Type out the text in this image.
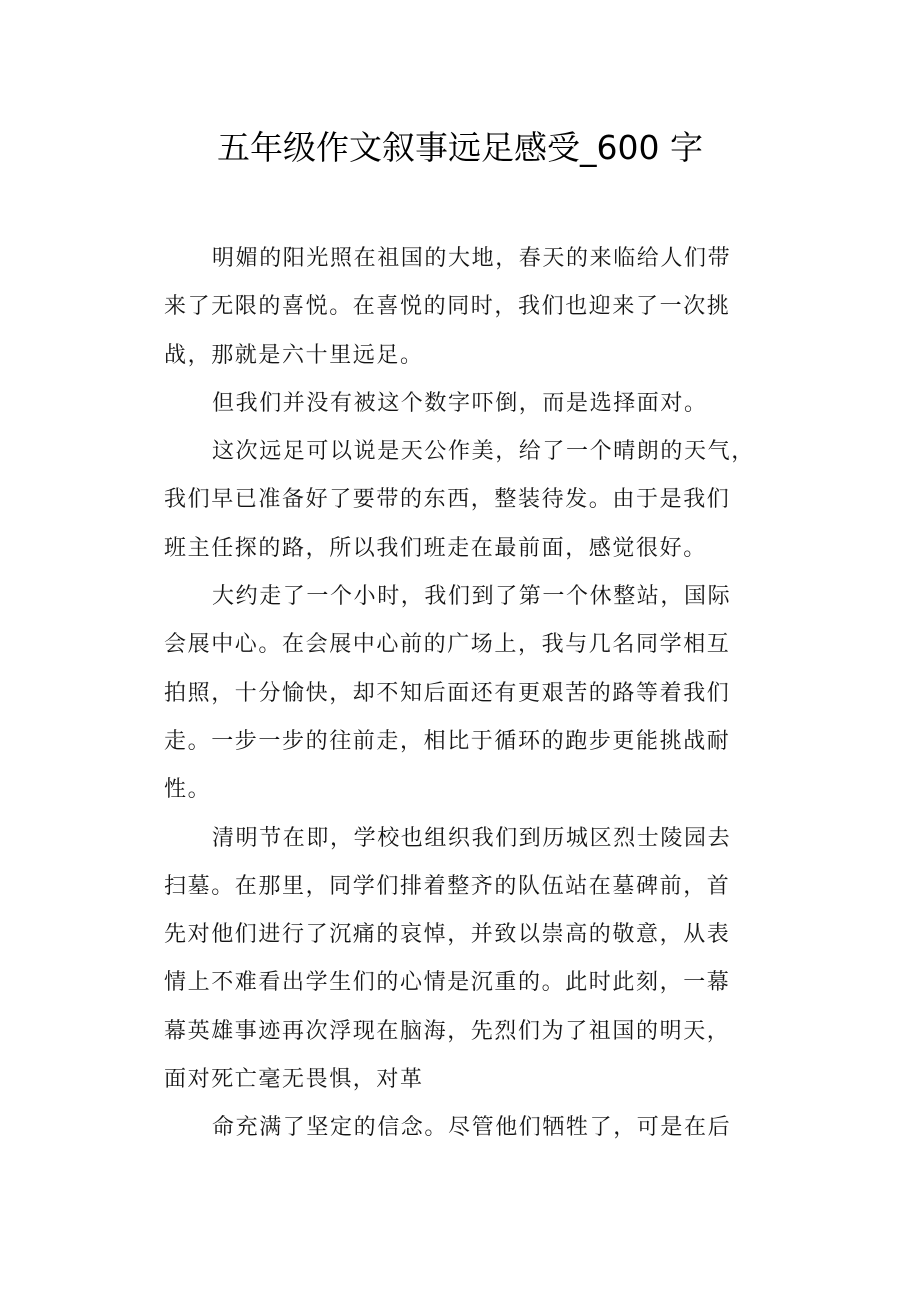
五年级作文叙事远足感受_600 字
明媚的阳光照在祖国的大地，春天的来临给人们带
来了无限的喜悦。在喜悦的同时，我们也迎来了一次挑
战，那就是六十里远足。
但我们并没有被这个数字吓倒，而是选择面对。
这次远足可以说是天公作美，给了一个晴朗的天气，
我们早已准备好了要带的东西，整装待发。由于是我们
班主任探的路，所以我们班走在最前面，感觉很好。
大约走了一个小时，我们到了第一个休整站，国际
会展中心。在会展中心前的广场上，我与几名同学相互
拍照，十分愉快，却不知后面还有更艰苦的路等着我们
走。一步一步的往前走，相比于循环的跑步更能挑战耐
性。
清明节在即，学校也组织我们到历城区烈士陵园去
扫墓。在那里，同学们排着整齐的队伍站在墓碑前，首
先对他们进行了沉痛的哀悼，并致以崇高的敬意，从表
情上不难看出学生们的心情是沉重的。此时此刻，一幕
幕英雄事迹再次浮现在脑海，先烈们为了祖国的明天，
面对死亡毫无畏惧，对革
命充满了坚定的信念。尽管他们牺牲了，可是在后
